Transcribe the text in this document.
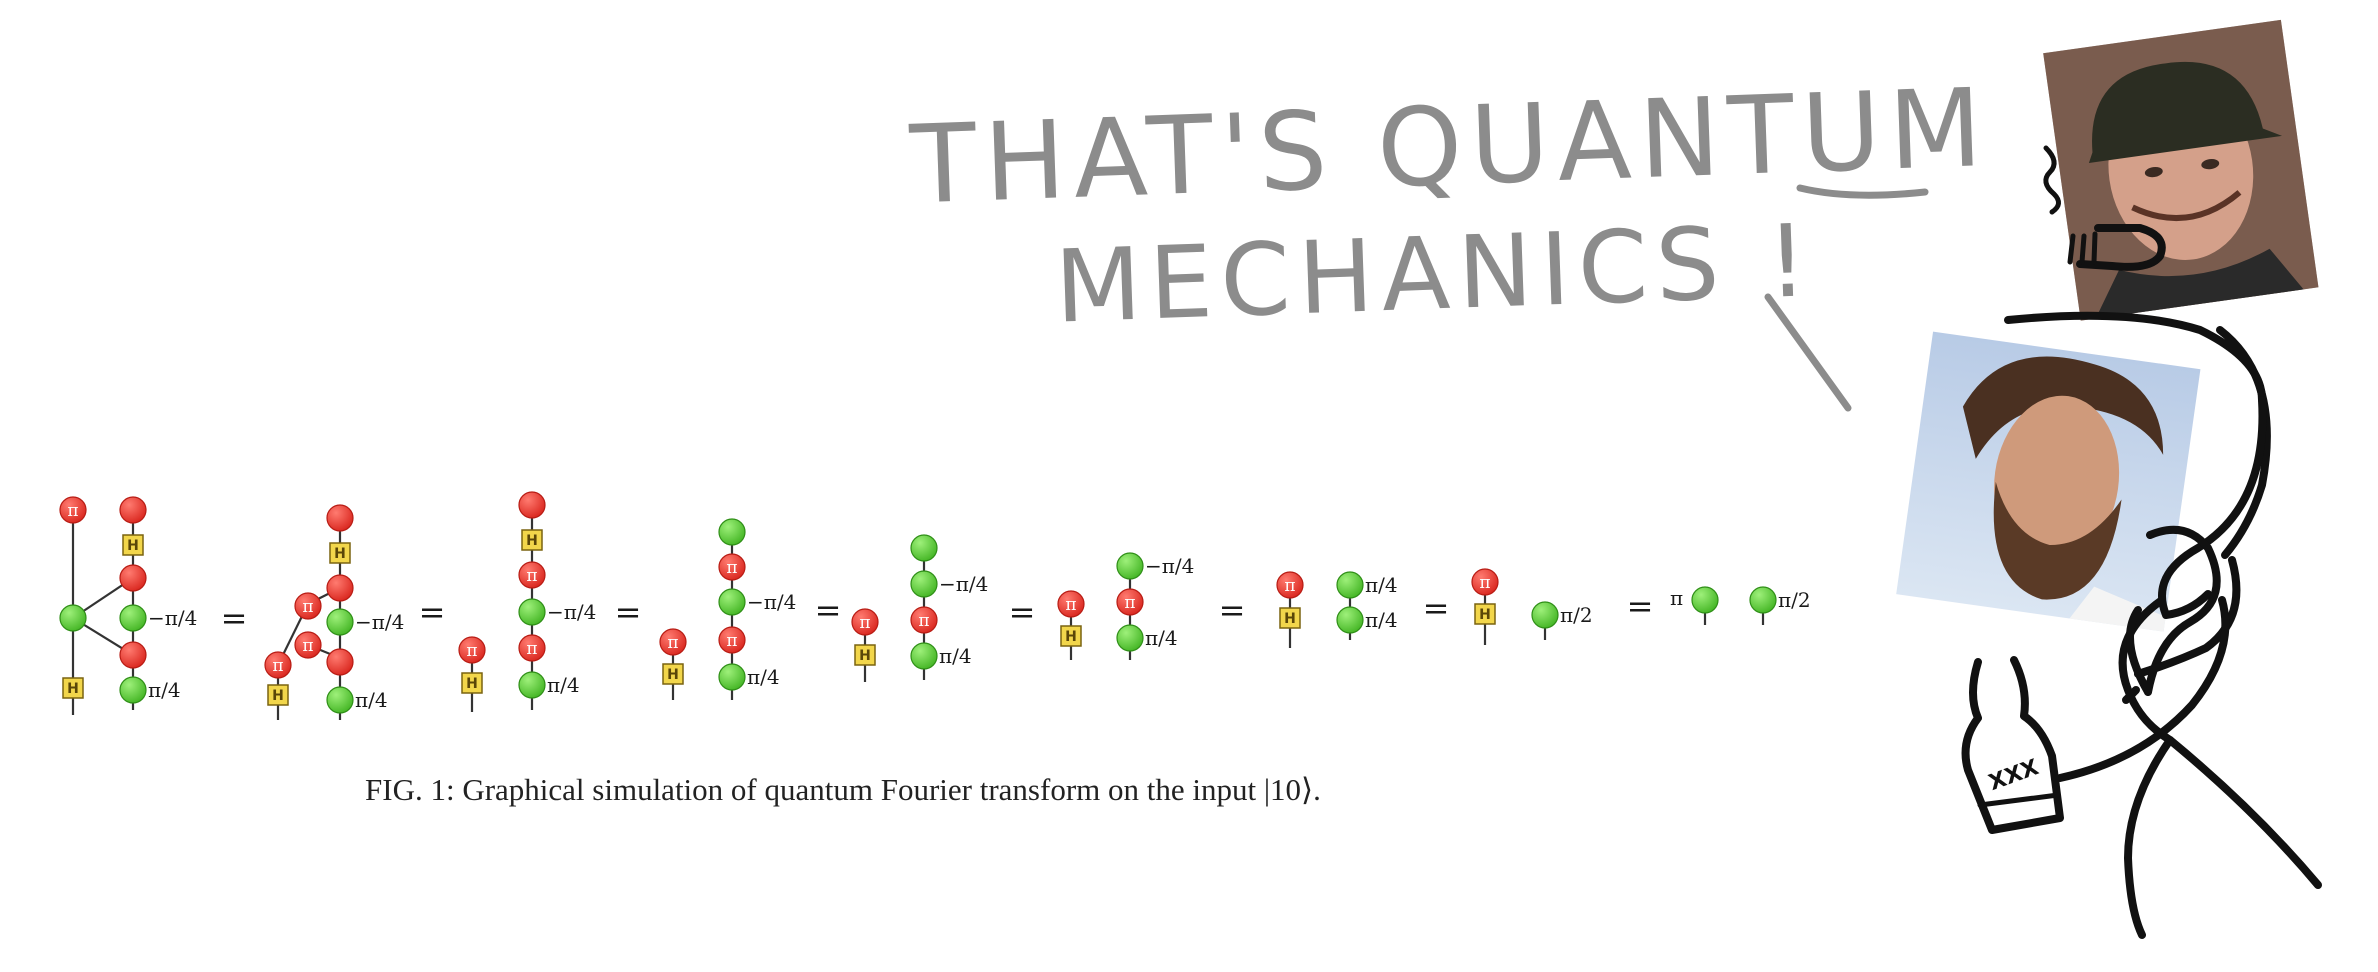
THAT'S QUANTUM
MECHANICS !
π
H
−π/4
H	π/4
=
H
π
−π/4
π
π
H	π/4
=
H
π
−π/4
π
π/4
π
H
=
π
−π/4
π
π/4
π
H
=
−π/4
π
π/4
π
H
=
−π/4
π
π/4
π
H
=
π
H
π/4
π/4 =
π
H	π/2 = π	π/2
FIG. 1: Graphical simulation of quantum Fourier transform on the input |10⟩.	XXX
